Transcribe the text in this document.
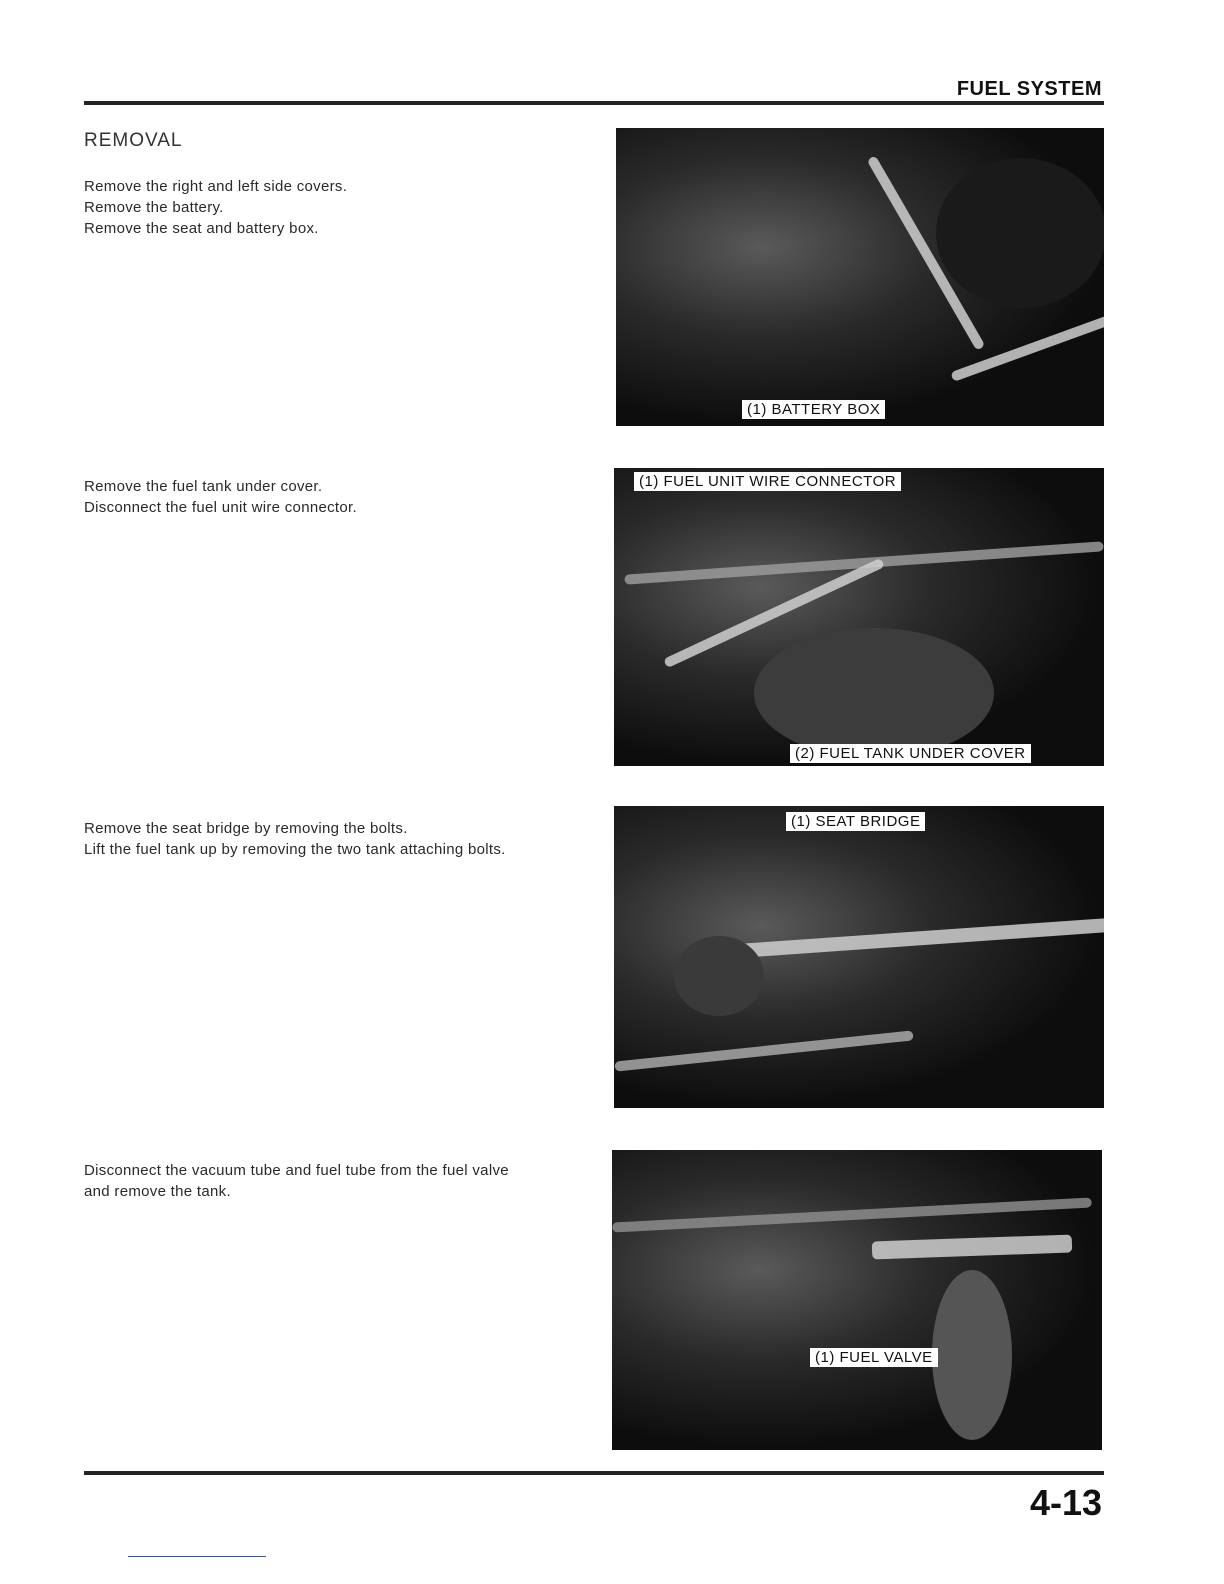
FUEL SYSTEM
REMOVAL

Remove the right and left side covers.

Remove the battery.

Remove the seat and battery box.

(1) BATTERY BOX

Remove the fuel tank under cover.

Disconnect the fuel unit wire connector.

(1) FUEL UNIT WIRE CONNECTOR
(2) FUEL TANK UNDER COVER

Remove the seat bridge by removing the bolts.

Lift the fuel tank up by removing the two tank attaching bolts.

(1) SEAT BRIDGE

Disconnect the vacuum tube and fuel tube from the fuel valve

and remove the tank.

(1) FUEL VALVE
4-13
